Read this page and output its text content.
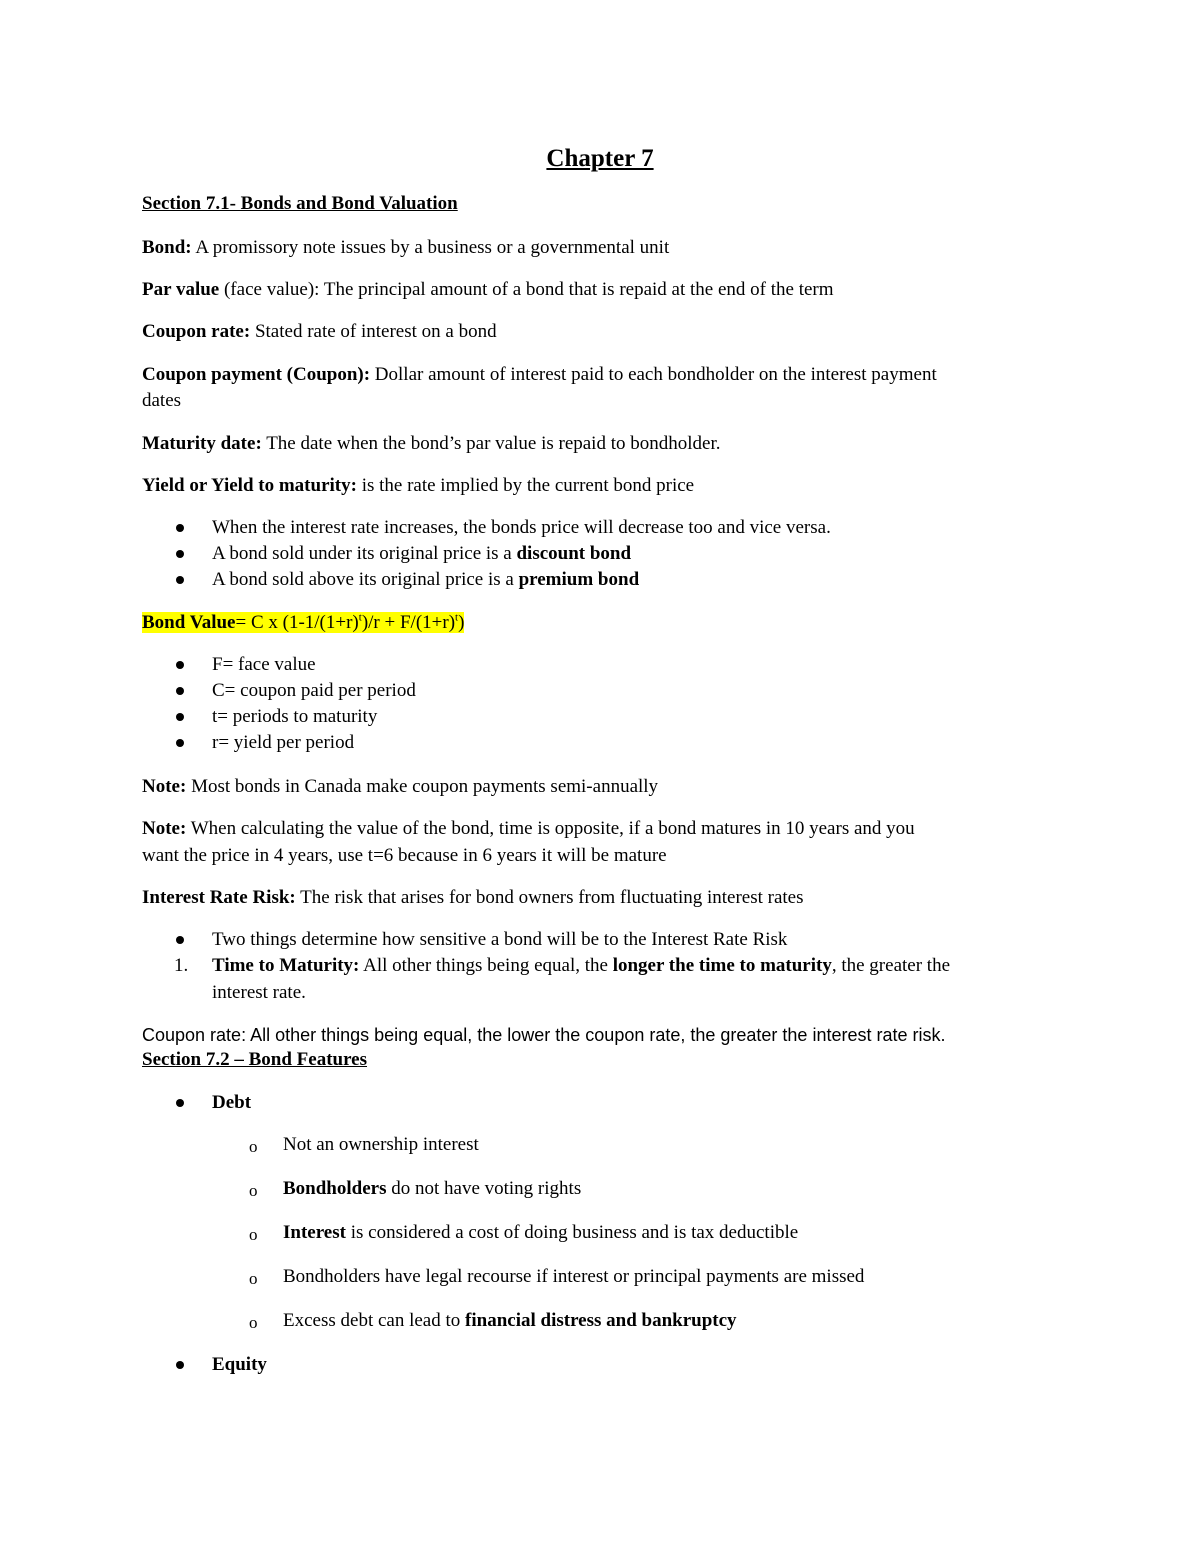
Chapter 7
Section 7.1- Bonds and Bond Valuation
Bond: A promissory note issues by a business or a governmental unit
Par value (face value): The principal amount of a bond that is repaid at the end of the term
Coupon rate: Stated rate of interest on a bond
Coupon payment (Coupon): Dollar amount of interest paid to each bondholder on the interest payment
dates
Maturity date: The date when the bond’s par value is repaid to bondholder.
Yield or Yield to maturity: is the rate implied by the current bond price
When the interest rate increases, the bonds price will decrease too and vice versa.
A bond sold under its original price is a discount bond
A bond sold above its original price is a premium bond
Bond Value= C x $(1-1/(1+r)^t)/r + F/(1+r)^t$)
F= face value
C= coupon paid per period
t= periods to maturity
r= yield per period
Note: Most bonds in Canada make coupon payments semi-annually
Note: When calculating the value of the bond, time is opposite, if a bond matures in 10 years and you
want the price in 4 years, use t=6 because in 6 years it will be mature
Interest Rate Risk: The risk that arises for bond owners from fluctuating interest rates
Two things determine how sensitive a bond will be to the Interest Rate Risk
1. Time to Maturity: All other things being equal, the longer the time to maturity, the greater the
interest rate.
Coupon rate: All other things being equal, the lower the coupon rate, the greater the interest rate risk.
Section 7.2 – Bond Features
Debt
o Not an ownership interest
o Bondholders do not have voting rights
o Interest is considered a cost of doing business and is tax deductible
o Bondholders have legal recourse if interest or principal payments are missed
o Excess debt can lead to financial distress and bankruptcy
Equity
